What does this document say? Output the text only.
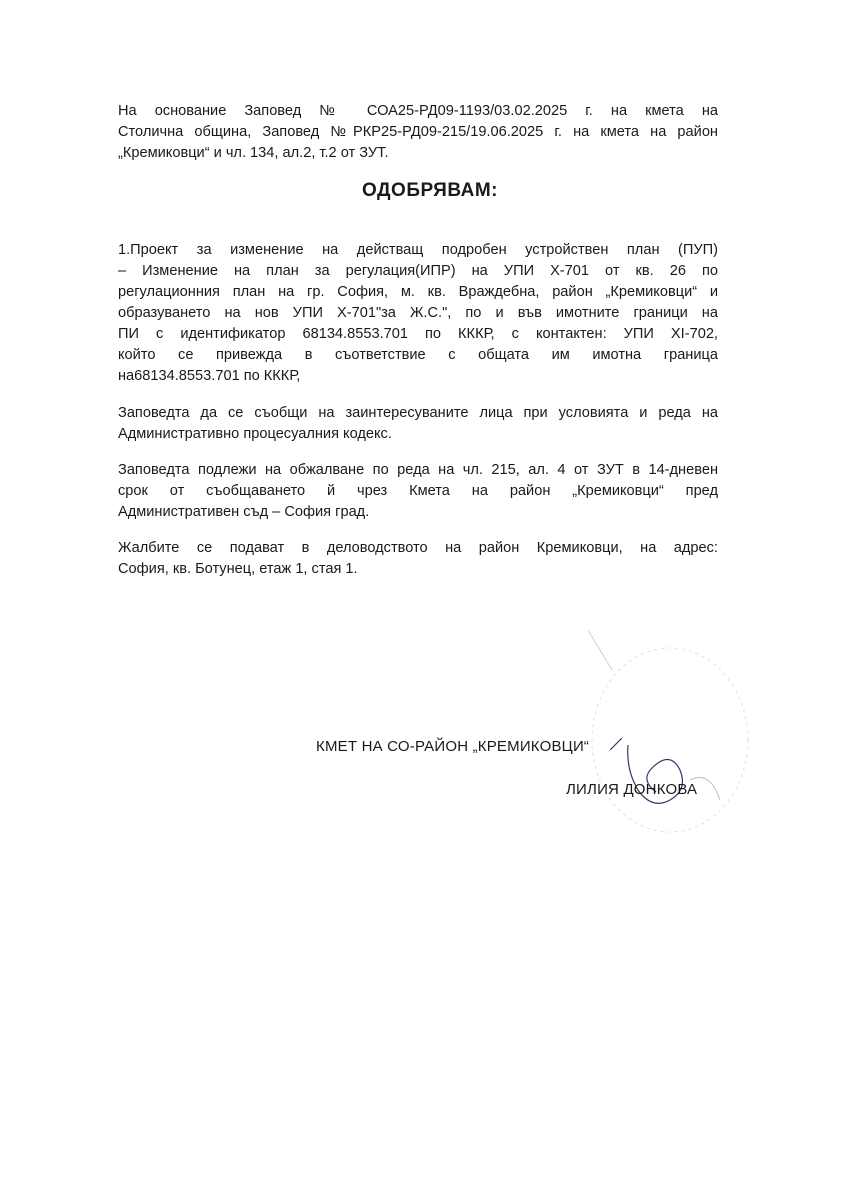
На основание Заповед № СОА25-РД09-1193/03.02.2025 г. на кмета на
Столична община, Заповед №РКР25-РД09-215/19.06.2025 г. на кмета на район
„Кремиковци“ и чл. 134, ал.2, т.2 от ЗУТ.
ОДОБРЯВАМ:
1.Проект за изменение на действащ подробен устройствен план (ПУП)
– Изменение на план за регулация(ИПР) на УПИ Х-701 от кв. 26 по
регулационния план на гр. София, м. кв. Враждебна, район „Кремиковци“ и
образуването на нов УПИ Х-701"за Ж.С.", по и във имотните граници на
ПИ с идентификатор 68134.8553.701 по КККР, с контактен: УПИ XI-702,
който се привежда в съответствие с общата им имотна граница
на68134.8553.701 по КККР,
Заповедта да се съобщи на заинтересуваните лица при условията и реда на
Административно процесуалния кодекс.
Заповедта подлежи на обжалване по реда на чл. 215, ал. 4 от ЗУТ в 14-дневен
срок от съобщаването й чрез Кмета на район „Кремиковци“ пред
Административен съд – София град.
Жалбите се подават в деловодството на район Кремиковци, на адрес:
София, кв. Ботунец, етаж 1, стая 1.
КМЕТ НА СО-РАЙОН „КРЕМИКОВЦИ“
ЛИЛИЯ ДОНКОВА
